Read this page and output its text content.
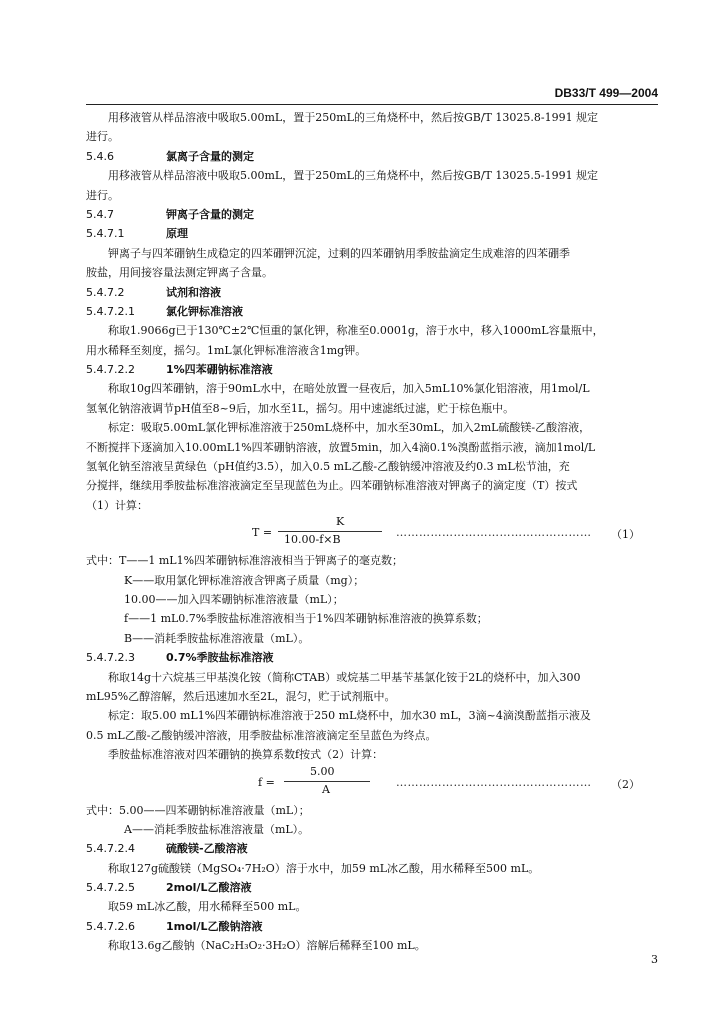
DB33/T 499—2004
用移液管从样品溶液中吸取5.00mL，置于250mL的三角烧杯中，然后按GB/T 13025.8-1991 规定
进行。
5.4.6	氯离子含量的测定
用移液管从样品溶液中吸取5.00mL，置于250mL的三角烧杯中，然后按GB/T 13025.5-1991 规定
进行。
5.4.7	钾离子含量的测定
5.4.7.1	原理
钾离子与四苯硼钠生成稳定的四苯硼钾沉淀，过剩的四苯硼钠用季胺盐滴定生成难溶的四苯硼季
胺盐，用间接容量法测定钾离子含量。
5.4.7.2	试剂和溶液
5.4.7.2.1	氯化钾标准溶液
称取1.9066g已于130℃±2℃恒重的氯化钾，称准至0.0001g，溶于水中，移入1000mL容量瓶中，
用水稀释至刻度，摇匀。1mL氯化钾标准溶液含1mg钾。
5.4.7.2.2	1%四苯硼钠标准溶液
称取10g四苯硼钠，溶于90mL水中，在暗处放置一昼夜后，加入5mL10%氯化铝溶液，用1mol/L
氢氧化钠溶液调节pH值至8~9后，加水至1L，摇匀。用中速滤纸过滤，贮于棕色瓶中。
标定：吸取5.00mL氯化钾标准溶液于250mL烧杯中，加水至30mL，加入2mL硫酸镁-乙酸溶液，
不断搅拌下逐滴加入10.00mL1%四苯硼钠溶液，放置5min，加入4滴0.1%溴酚蓝指示液，滴加1mol/L
氢氧化钠至溶液呈黄绿色（pH值约3.5），加入0.5 mL乙酸-乙酸钠缓冲溶液及约0.3 mL松节油，充
分搅拌，继续用季胺盐标准溶液滴定至呈现蓝色为止。四苯硼钠标准溶液对钾离子的滴定度（T）按式
（1）计算：
T =
K
10.00-f×B
…………………………………………… （1）
式中：T——1 mL1%四苯硼钠标准溶液相当于钾离子的毫克数；
K——取用氯化钾标准溶液含钾离子质量（mg）；
10.00——加入四苯硼钠标准溶液量（mL）；
f——1 mL0.7%季胺盐标准溶液相当于1%四苯硼钠标准溶液的换算系数；
B——消耗季胺盐标准溶液量（mL）。
5.4.7.2.3	0.7%季胺盐标准溶液
称取14g十六烷基三甲基溴化铵（简称CTAB）或烷基二甲基苄基氯化铵于2L的烧杯中，加入300
mL95%乙醇溶解，然后迅速加水至2L，混匀，贮于试剂瓶中。
标定：取5.00 mL1%四苯硼钠标准溶液于250 mL烧杯中，加水30 mL，3滴~4滴溴酚蓝指示液及
0.5 mL乙酸-乙酸钠缓冲溶液，用季胺盐标准溶液滴定至呈蓝色为终点。
季胺盐标准溶液对四苯硼钠的换算系数f按式（2）计算：
f =
5.00
A
…………………………………………… （2）
式中：5.00——四苯硼钠标准溶液量（mL）；
A——消耗季胺盐标准溶液量（mL）。
5.4.7.2.4	硫酸镁-乙酸溶液
称取127g硫酸镁（MgSO₄·7H₂O）溶于水中，加59 mL冰乙酸，用水稀释至500 mL。
5.4.7.2.5	2mol/L乙酸溶液
取59 mL冰乙酸，用水稀释至500 mL。
5.4.7.2.6	1mol/L乙酸钠溶液
称取13.6g乙酸钠（NaC₂H₃O₂·3H₂O）溶解后稀释至100 mL。
3
